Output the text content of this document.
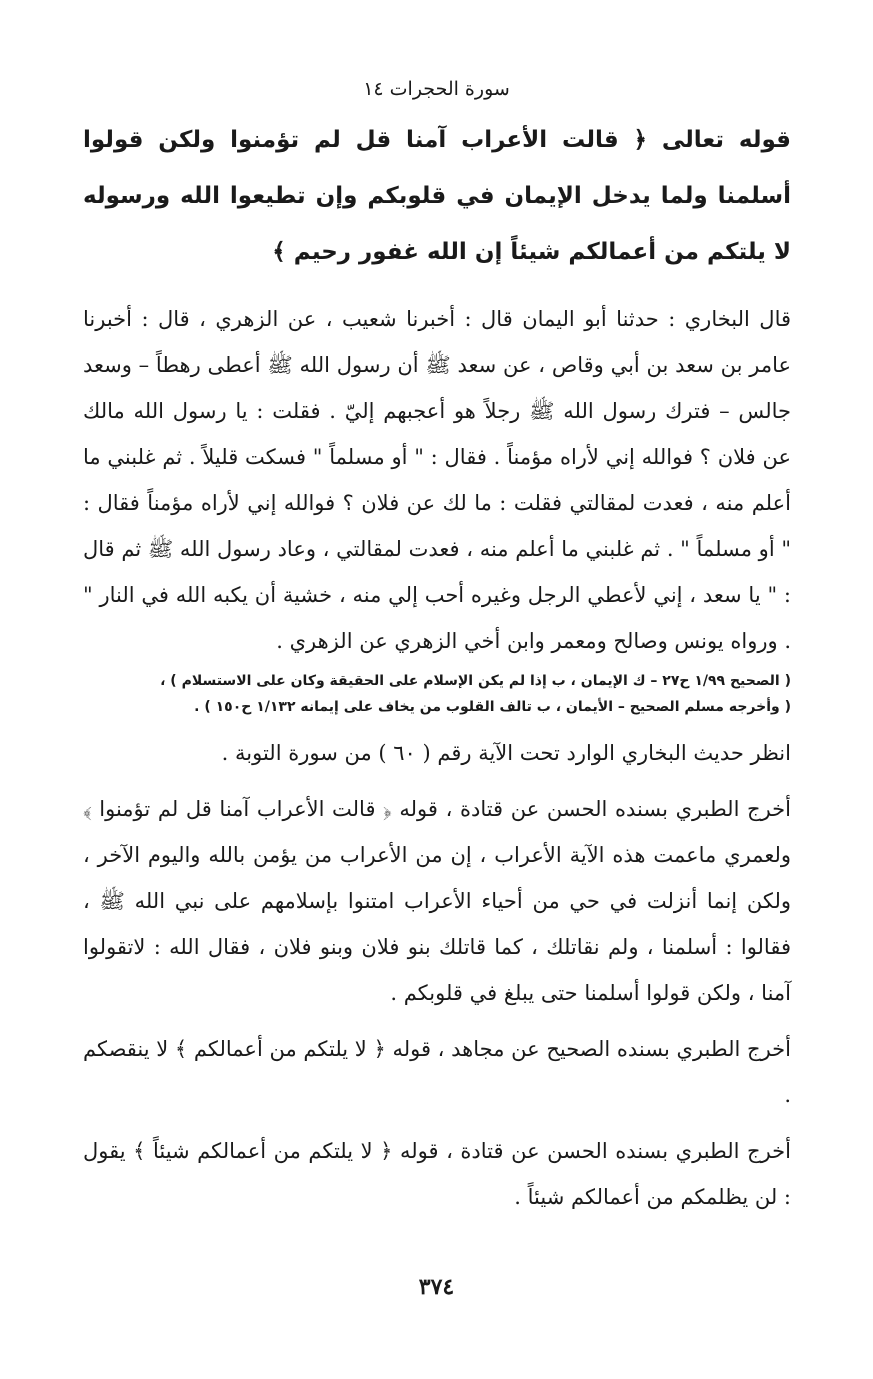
سورة الحجرات ١٤

قوله تعالى ﴿ قالت الأعراب آمنا قل لم تؤمنوا ولكن قولوا أسلمنا ولما يدخل الإيمان في قلوبكم وإن تطيعوا الله ورسوله لا يلتكم من أعمالكم شيئاً إن الله غفور رحيم ﴾

قال البخاري : حدثنا أبو اليمان قال : أخبرنا شعيب ، عن الزهري ، قال : أخبرنا عامر بن سعد بن أبي وقاص ، عن سعد ﷺ أن رسول الله ﷺ أعطى رهطاً – وسعد جالس – فترك رسول الله ﷺ رجلاً هو أعجبهم إليّ . فقلت : يا رسول الله مالك عن فلان ؟ فوالله إني لأراه مؤمناً . فقال : " أو مسلماً " فسكت قليلاً . ثم غلبني ما أعلم منه ، فعدت لمقالتي فقلت : ما لك عن فلان ؟ فوالله إني لأراه مؤمناً فقال : " أو مسلماً " . ثم غلبني ما أعلم منه ، فعدت لمقالتي ، وعاد رسول الله ﷺ ثم قال : " يا سعد ، إني لأعطي الرجل وغيره أحب إلي منه ، خشية أن يكبه الله في النار " . ورواه يونس وصالح ومعمر وابن أخي الزهري عن الزهري .

( الصحيح ١/٩٩ ح٢٧ – ك الإيمان ، ب إذا لم يكن الإسلام على الحقيقة وكان على الاستسلام ) ،

( وأخرجه مسلم الصحيح – الأيمان ، ب تالف القلوب من يخاف على إيمانه ١/١٣٢ ح١٥٠ ) .

انظر حديث البخاري الوارد تحت الآية رقم ( ٦٠ ) من سورة التوبة .

أخرج الطبري بسنده الحسن عن قتادة ، قوله ﴿ قالت الأعراب آمنا قل لم تؤمنوا ﴾ ولعمري ماعمت هذه الآية الأعراب ، إن من الأعراب من يؤمن بالله واليوم الآخر ، ولكن إنما أنزلت في حي من أحياء الأعراب امتنوا بإسلامهم على نبي الله ﷺ ، فقالوا : أسلمنا ، ولم نقاتلك ، كما قاتلك بنو فلان وبنو فلان ، فقال الله : لاتقولوا آمنا ، ولكن قولوا أسلمنا حتى يبلغ في قلوبكم .

أخرج الطبري بسنده الصحيح عن مجاهد ، قوله ﴿ لا يلتكم من أعمالكم ﴾ لا ينقصكم .

أخرج الطبري بسنده الحسن عن قتادة ، قوله ﴿ لا يلتكم من أعمالكم شيئاً ﴾ يقول : لن يظلمكم من أعمالكم شيئاً .

٣٧٤
